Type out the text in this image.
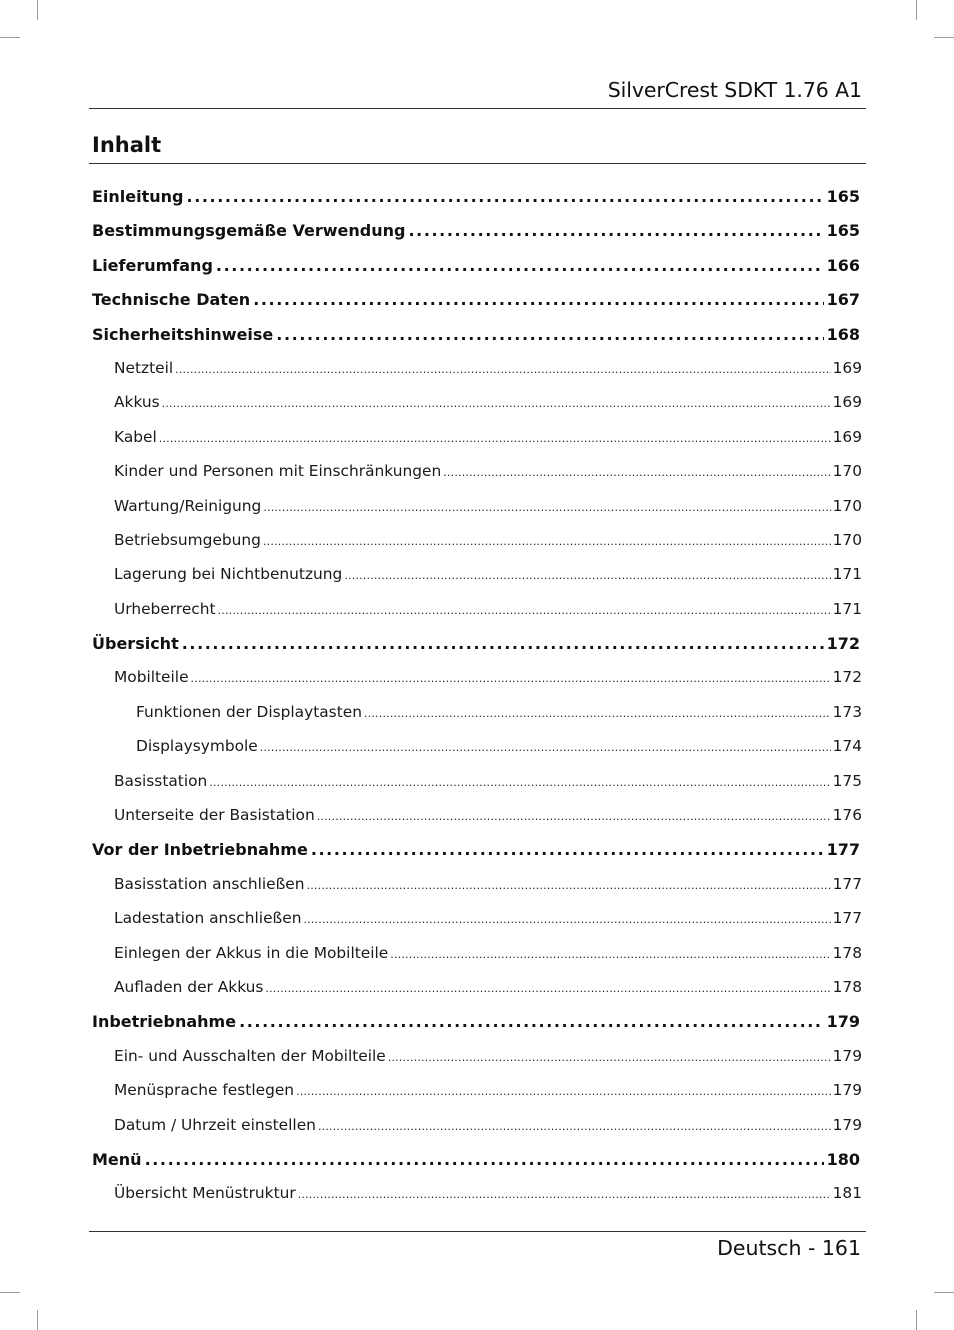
SilverCrest SDKT 1.76 A1
Inhalt
Einleitung .....	165
Bestimmungsgemäße Verwendung .....	165
Lieferumfang .....	166
Technische Daten .....	167
Sicherheitshinweise .....	168
Netzteil .....	169
Akkus .....	169
Kabel .....	169
Kinder und Personen mit Einschränkungen .....	170
Wartung/Reinigung .....	170
Betriebsumgebung .....	170
Lagerung bei Nichtbenutzung .....	171
Urheberrecht .....	171
Übersicht .....	172
Mobilteile .....	172
Funktionen der Displaytasten .....	173
Displaysymbole .....	174
Basisstation .....	175
Unterseite der Basistation .....	176
Vor der Inbetriebnahme .....	177
Basisstation anschließen .....	177
Ladestation anschließen .....	177
Einlegen der Akkus in die Mobilteile .....	178
Aufladen der Akkus .....	178
Inbetriebnahme .....	179
Ein- und Ausschalten der Mobilteile .....	179
Menüsprache festlegen .....	179
Datum / Uhrzeit einstellen .....	179
Menü .....	180
Übersicht Menüstruktur .....	181
Deutsch - 161
